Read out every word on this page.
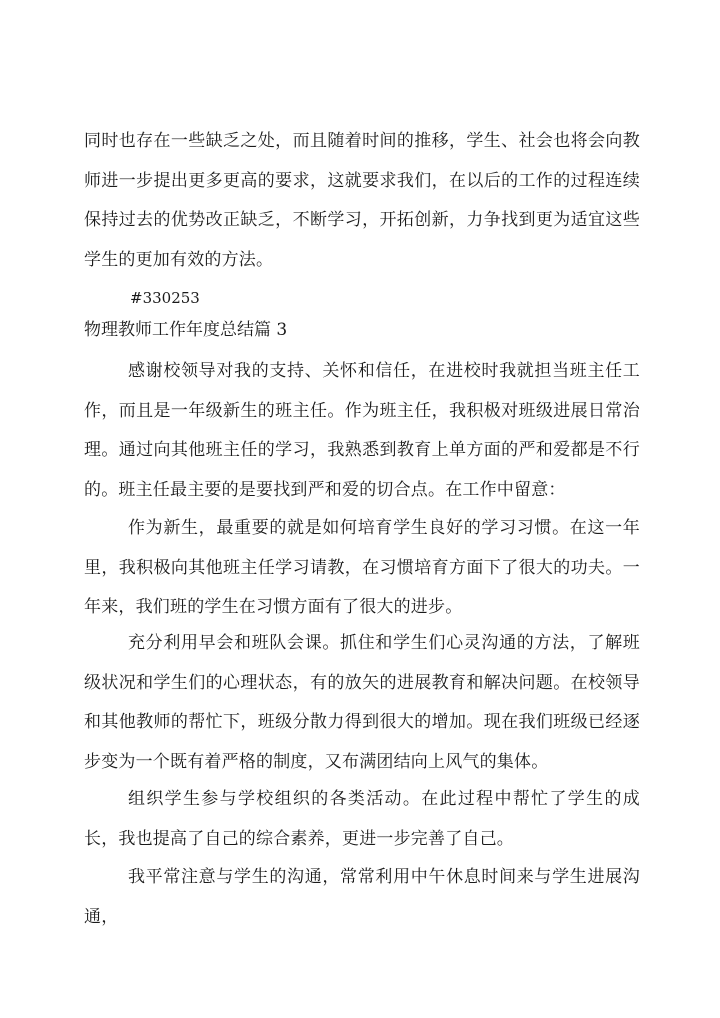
同时也存在一些缺乏之处，而且随着时间的推移，学生、社会也将会向教师进一步提出更多更高的要求，这就要求我们，在以后的工作的过程连续保持过去的优势改正缺乏，不断学习，开拓创新，力争找到更为适宜这些学生的更加有效的方法。

#330253

物理教师工作年度总结篇 3

感谢校领导对我的支持、关怀和信任，在进校时我就担当班主任工作，而且是一年级新生的班主任。作为班主任，我积极对班级进展日常治理。通过向其他班主任的学习，我熟悉到教育上单方面的严和爱都是不行的。班主任最主要的是要找到严和爱的切合点。在工作中留意：

作为新生，最重要的就是如何培育学生良好的学习习惯。在这一年里，我积极向其他班主任学习请教，在习惯培育方面下了很大的功夫。一年来，我们班的学生在习惯方面有了很大的进步。

充分利用早会和班队会课。抓住和学生们心灵沟通的方法，了解班级状况和学生们的心理状态，有的放矢的进展教育和解决问题。在校领导和其他教师的帮忙下，班级分散力得到很大的增加。现在我们班级已经逐步变为一个既有着严格的制度，又布满团结向上风气的集体。

组织学生参与学校组织的各类活动。在此过程中帮忙了学生的成长，我也提高了自己的综合素养，更进一步完善了自己。

我平常注意与学生的沟通，常常利用中午休息时间来与学生进展沟通，
